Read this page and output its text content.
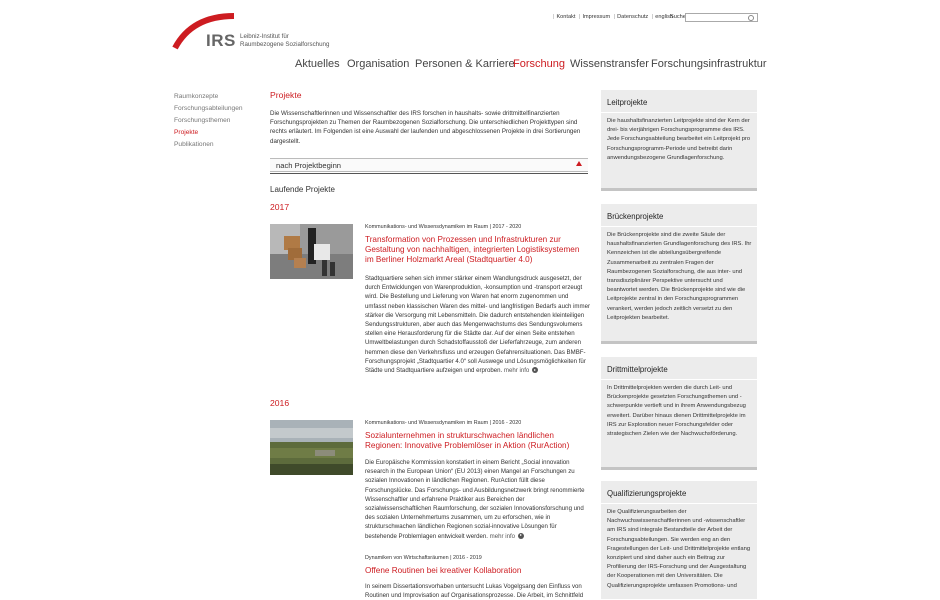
IRS Leibniz-Institut für
Raumbezogene Sozialforschung
| Kontakt | Impressum | Datenschutz | english
Suche
Aktuelles Organisation Personen & Karriere
Forschung Wissenstransfer Forschungsinfrastruktur
Raumkonzepte
Forschungsabteilungen
Forschungsthemen
Projekte
Publikationen
Projekte
Die Wissenschaftlerinnen und Wissenschaftler des IRS forschen in haushalts- sowie drittmittelfinanzierten Forschungsprojekten zu Themen der Raumbezogenen Sozialforschung. Die unterschiedlichen Projekttypen sind rechts erläutert. Im Folgenden ist eine Auswahl der laufenden und abgeschlossenen Projekte in drei Sortierungen dargestellt.
nach Projektbeginn
Laufende Projekte
2017
Kommunikations- und Wissensdynamiken im Raum | 2017 - 2020
Transformation von Prozessen und Infrastrukturen zur Gestaltung von nachhaltigen, integrierten Logistiksystemen im Berliner Holzmarkt Areal (Stadtquartier 4.0)
Stadtquartiere sehen sich immer stärker einem Wandlungsdruck ausgesetzt, der durch Entwicklungen von Warenproduktion, -konsumption und -transport erzeugt wird. Die Bestellung und Lieferung von Waren hat enorm zugenommen und umfasst neben klassischen Waren des mittel- und langfristigen Bedarfs auch immer stärker die Versorgung mit Lebensmitteln. Die dadurch entstehenden kleinteiligen Sendungsstrukturen, aber auch das Mengenwachstums des Sendungsvolumens stellen eine Herausforderung für die Städte dar. Auf der einen Seite entstehen Umweltbelastungen durch Schadstoffausstoß der Lieferfahrzeuge, zum anderen hemmen diese den Verkehrsfluss und erzeugen Gefahrensituationen. Das BMBF-Forschungsprojekt „Stadtquartier 4.0“ soll Auswege und Lösungsmöglichkeiten für Städte und Stadtquartiere aufzeigen und erproben. mehr info
2016
Kommunikations- und Wissensdynamiken im Raum | 2016 - 2020
Sozialunternehmen in strukturschwachen ländlichen Regionen: Innovative Problemlöser in Aktion (RurAction)
Die Europäische Kommission konstatiert in einem Bericht „Social innovation research in the European Union“ (EU 2013) einen Mangel an Forschungen zu sozialen Innovationen in ländlichen Regionen. RurAction füllt diese Forschungslücke. Das Forschungs- und Ausbildungsnetzwerk bringt renommierte Wissenschaftler und erfahrene Praktiker aus Bereichen der sozialwissenschaftlichen Raumforschung, der sozialen Innovationsforschung und des sozialen Unternehmertums zusammen, um zu erforschen, wie in strukturschwachen ländlichen Regionen sozial-innovative Lösungen für bestehende Problemlagen entwickelt werden. mehr info
Dynamiken von Wirtschaftsräumen | 2016 - 2019
Offene Routinen bei kreativer Kollaboration
In seinem Dissertationsvorhaben untersucht Lukas Vogelgsang den Einfluss von Routinen und Improvisation auf Organisationsprozesse. Die Arbeit, im Schnittfeld
Leitprojekte

Die haushaltsfinanzierten Leitprojekte sind der Kern der drei- bis vierjährigen Forschungsprogramme des IRS. Jede Forschungsabteilung bearbeitet ein Leitprojekt pro Forschungsprogramm-Periode und betreibt darin anwendungsbezogene Grundlagenforschung.

Brückenprojekte

Die Brückenprojekte sind die zweite Säule der haushaltsfinanzierten Grundlagenforschung des IRS. Ihr Kennzeichen ist die abteilungsübergreifende Zusammenarbeit zu zentralen Fragen der Raumbezogenen Sozialforschung, die aus inter- und transdisziplinärer Perspektive untersucht und beantwortet werden. Die Brückenprojekte sind wie die Leitprojekte zentral in den Forschungsprogrammen verankert, werden jedoch zeitlich versetzt zu den Leitprojekten bearbeitet.

Drittmittelprojekte

In Drittmittelprojekten werden die durch Leit- und Brückenprojekte gesetzten Forschungsthemen und -schwerpunkte vertieft und in ihrem Anwendungsbezug erweitert. Darüber hinaus dienen Drittmittelprojekte im IRS zur Exploration neuer Forschungsfelder oder strategischen Zielen wie der Nachwuchsförderung.

Qualifizierungsprojekte

Die Qualifizierungsarbeiten der Nachwuchswissenschaftlerinnen und -wissenschaftler am IRS sind integrale Bestandteile der Arbeit der Forschungsabteilungen. Sie werden eng an den Fragestellungen der Leit- und Drittmittelprojekte entlang konzipiert und sind daher auch ein Beitrag zur Profilierung der IRS-Forschung und der Ausgestaltung der Kooperationen mit den Universitäten. Die Qualifizierungsprojekte umfassen Promotions- und
